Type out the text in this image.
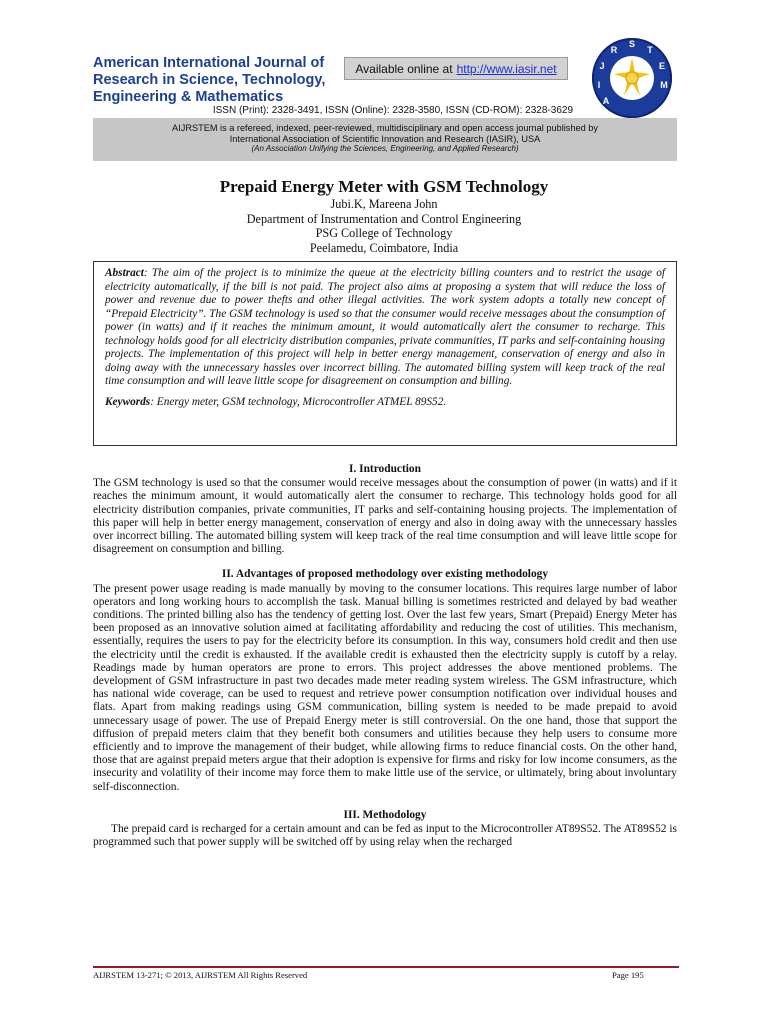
American International Journal of
Research in Science, Technology,
Engineering & Mathematics
Available online at http://www.iasir.net
S
T
E
M
R
J
I
A
ISSN (Print): 2328-3491, ISSN (Online): 2328-3580, ISSN (CD-ROM): 2328-3629
AIJRSTEM is a refereed, indexed, peer-reviewed, multidisciplinary and open access journal published by
International Association of Scientific Innovation and Research (IASIR), USA
(An Association Unifying the Sciences, Engineering, and Applied Research)
Prepaid Energy Meter with GSM Technology
Jubi.K, Mareena John
Department of Instrumentation and Control Engineering
PSG College of Technology
Peelamedu, Coimbatore, India

Abstract: The aim of the project is to minimize the queue at the electricity billing counters and to restrict the usage of electricity automatically, if the bill is not paid. The project also aims at proposing a system that will reduce the loss of power and revenue due to power thefts and other illegal activities. The work system adopts a totally new concept of “Prepaid Electricity”. The GSM technology is used so that the consumer would receive messages about the consumption of power (in watts) and if it reaches the minimum amount, it would automatically alert the consumer to recharge. This technology holds good for all electricity distribution companies, private communities, IT parks and self-containing housing projects. The implementation of this project will help in better energy management, conservation of energy and also in doing away with the unnecessary hassles over incorrect billing. The automated billing system will keep track of the real time consumption and will leave little scope for disagreement on consumption and billing.

Keywords: Energy meter, GSM technology, Microcontroller ATMEL 89S52.

I. Introduction

The GSM technology is used so that the consumer would receive messages about the consumption of power (in watts) and if it reaches the minimum amount, it would automatically alert the consumer to recharge. This technology holds good for all electricity distribution companies, private communities, IT parks and self-containing housing projects. The implementation of this paper will help in better energy management, conservation of energy and also in doing away with the unnecessary hassles over incorrect billing. The automated billing system will keep track of the real time consumption and will leave little scope for disagreement on consumption and billing.

II. Advantages of proposed methodology over existing methodology

The present power usage reading is made manually by moving to the consumer locations. This requires large number of labor operators and long working hours to accomplish the task. Manual billing is sometimes restricted and delayed by bad weather conditions. The printed billing also has the tendency of getting lost. Over the last few years, Smart (Prepaid) Energy Meter has been proposed as an innovative solution aimed at facilitating affordability and reducing the cost of utilities. This mechanism, essentially, requires the users to pay for the electricity before its consumption. In this way, consumers hold credit and then use the electricity until the credit is exhausted. If the available credit is exhausted then the electricity supply is cutoff by a relay. Readings made by human operators are prone to errors. This project addresses the above mentioned problems. The development of GSM infrastructure in past two decades made meter reading system wireless. The GSM infrastructure, which has national wide coverage, can be used to request and retrieve power consumption notification over individual houses and flats. Apart from making readings using GSM communication, billing system is needed to be made prepaid to avoid unnecessary usage of power. The use of Prepaid Energy meter is still controversial. On the one hand, those that support the diffusion of prepaid meters claim that they benefit both consumers and utilities because they help users to consume more efficiently and to improve the management of their budget, while allowing firms to reduce financial costs. On the other hand, those that are against prepaid meters argue that their adoption is expensive for firms and risky for low income consumers, as the insecurity and volatility of their income may force them to make little use of the service, or ultimately, bring about involuntary self-disconnection.

III. Methodology

The prepaid card is recharged for a certain amount and can be fed as input to the Microcontroller AT89S52. The AT89S52 is programmed such that power supply will be switched off by using relay when the recharged

AIJRSTEM 13-271; © 2013, AIJRSTEM All Rights Reserved	Page 195
